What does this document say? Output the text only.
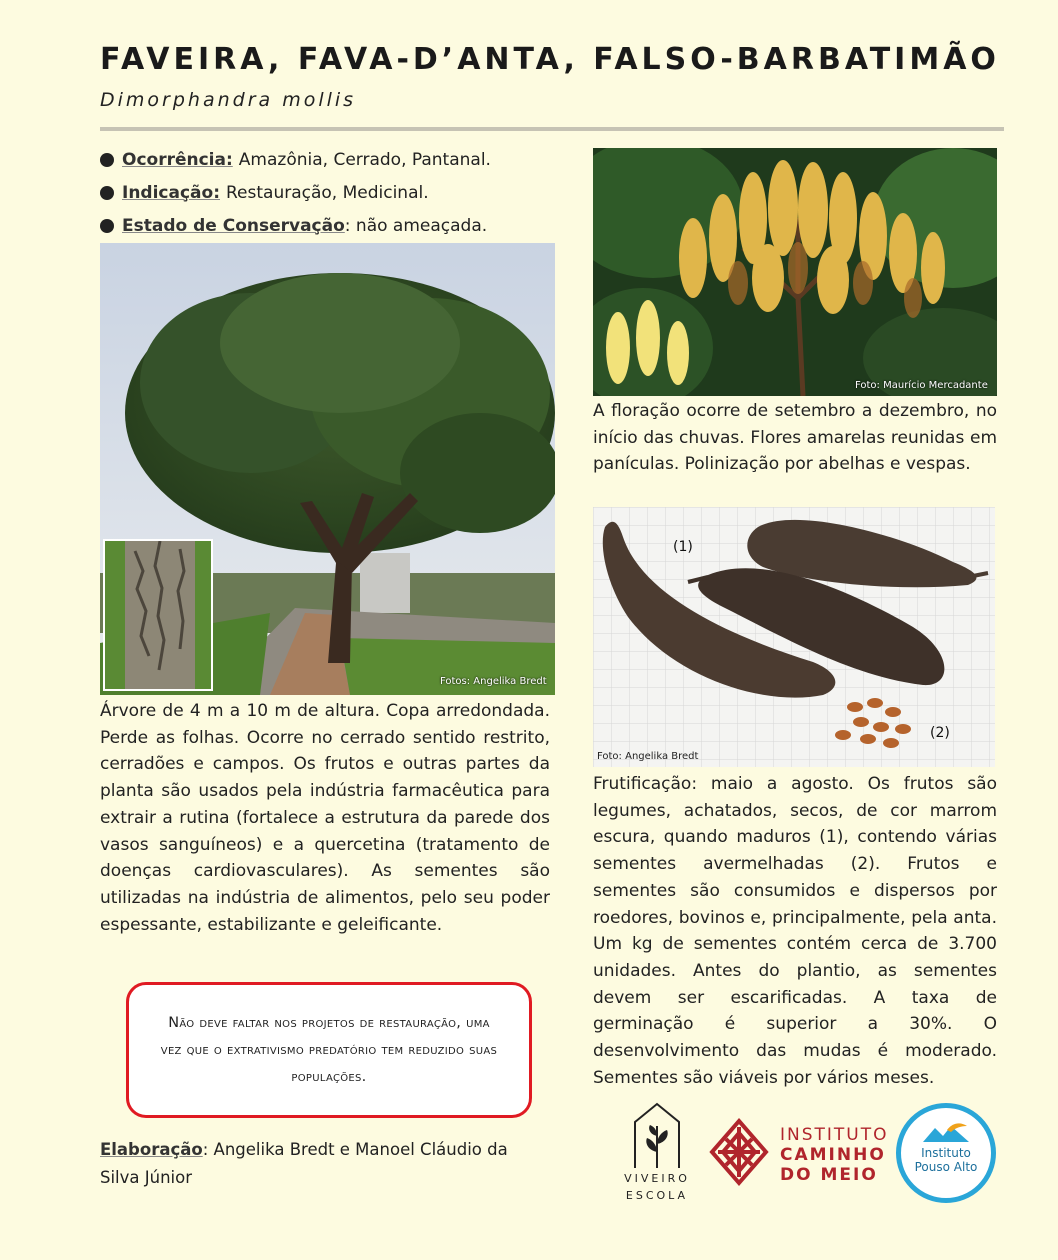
FAVEIRA, FAVA-D’ANTA, FALSO-BARBATIMÃO
Dimorphandra mollis
Ocorrência: Amazônia, Cerrado, Pantanal.
Indicação: Restauração, Medicinal.
Estado de Conservação : não ameaçada.
Fotos: Angelika Bredt
Foto: Maurício Mercadante
(1)
(2)
Foto: Angelika Bredt
A floração ocorre de setembro a dezembro, no início das chuvas. Flores amarelas reunidas em panículas. Polinização por abelhas e vespas.
Árvore de 4 m a 10 m de altura. Copa arredondada. Perde as folhas. Ocorre no cerrado sentido restrito, cerradões e campos. Os frutos e outras partes da planta são usados pela indústria farmacêutica para extrair a rutina (fortalece a estrutura da parede dos vasos sanguíneos) e a quercetina (tratamento de doenças cardiovasculares). As sementes são utilizadas na indústria de alimentos, pelo seu poder espessante, estabilizante e geleificante.
Frutificação: maio a agosto. Os frutos são legumes, achatados, secos, de cor marrom escura, quando maduros (1), contendo várias sementes avermelhadas (2). Frutos e sementes são consumidos e dispersos por roedores, bovinos e, principalmente, pela anta. Um kg de sementes contém cerca de 3.700 unidades. Antes do plantio, as sementes devem ser escarificadas. A taxa de germinação é superior a 30%. O desenvolvimento das mudas é moderado. Sementes são viáveis por vários meses.
Não deve faltar nos projetos de restauração, uma vez que o extrativismo predatório tem reduzido suas populações.
Elaboração: Angelika Bredt e Manoel Cláudio da Silva Júnior	VIVEIRO
ESCOLA
INSTITUTO
CAMINHO
DO MEIO
Instituto
Pouso Alto
